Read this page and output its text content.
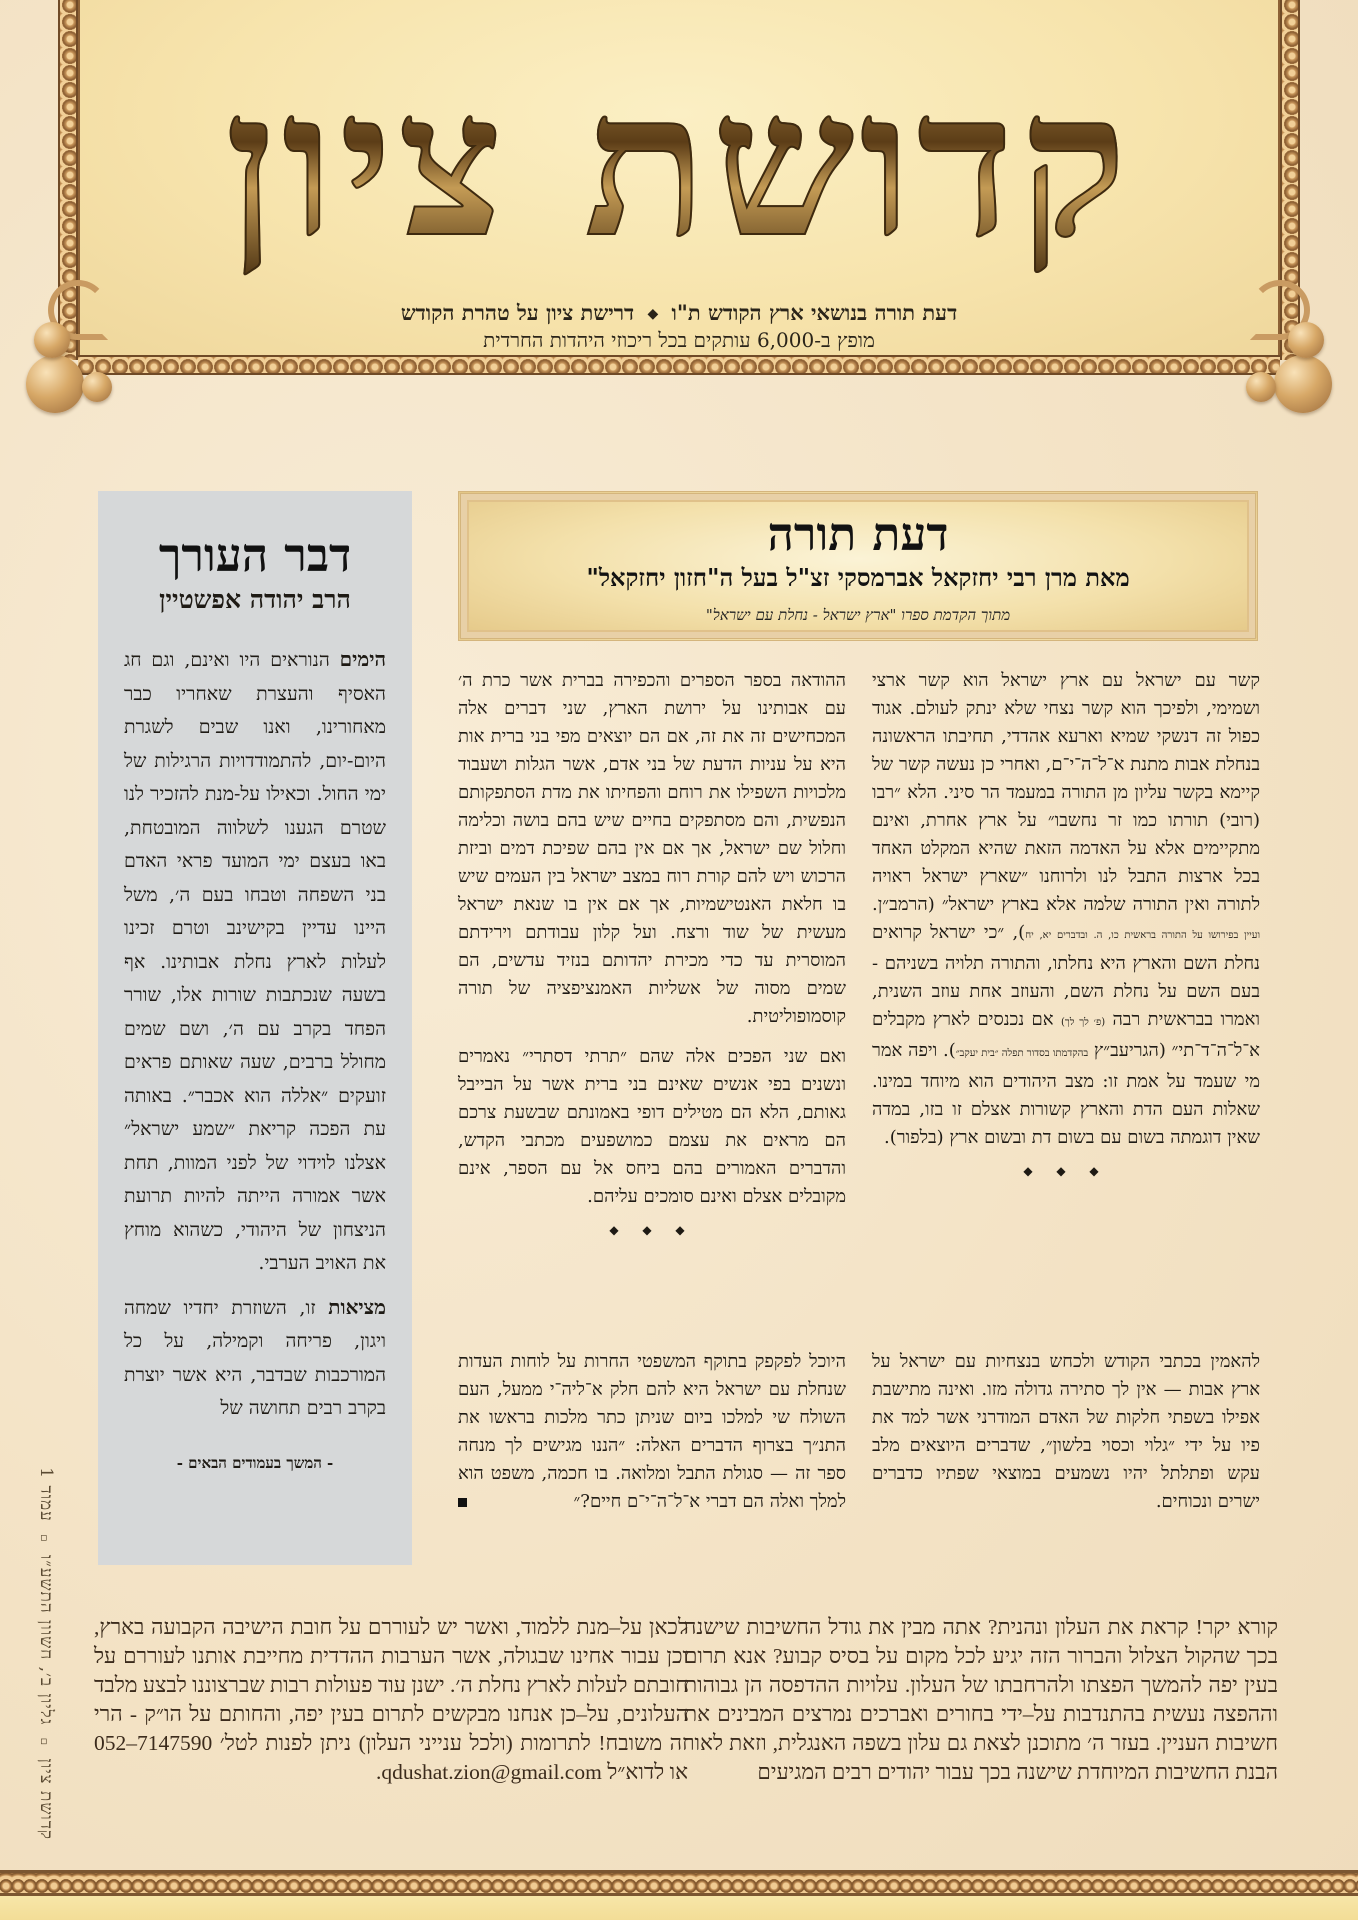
קדושת ציון
דעת תורה בנושאי ארץ הקודש ת"ו ◆ דרישת ציון על טהרת הקודש
מופץ ב-6,000 עותקים בכל ריכוזי היהדות החרדית
דבר העורך
הרב יהודה אפשטיין

הימים הנוראים היו ואינם, וגם חג האסיף והעצרת שאחריו כבר מאחורינו, ואנו שבים לשגרת היום-יום, להתמודדויות הרגילות של ימי החול. וכאילו על-מנת להזכיר לנו שטרם הגענו לשלווה המובטחת, באו בעצם ימי המועד פראי האדם בני השפחה וטבחו בעם ה׳, משל היינו עדיין בקישינב וטרם זכינו לעלות לארץ נחלת אבותינו. אף בשעה שנכתבות שורות אלו, שורר הפחד בקרב עם ה׳, ושם שמים מחולל ברבים, שעה שאותם פראים זועקים ״אללה הוא אכבר״. באותה עת הפכה קריאת ״שמע ישראל״ אצלנו לוידוי של לפני המוות, תחת אשר אמורה הייתה להיות תרועת הניצחון של היהודי, כשהוא מוחץ את האויב הערבי.

מציאות זו, השוזרת יחדיו שמחה ויגון, פריחה וקמילה, על כל המורכבות שבדבר, היא אשר יוצרת בקרב רבים תחושה של

- המשך בעמודים הבאים -
דעת תורה
מאת מרן רבי יחזקאל אברמסקי זצ"ל בעל ה"חזון יחזקאל"
מתוך הקדמת ספרו "ארץ ישראל - נחלת עם ישראל"

קשר עם ישראל עם ארץ ישראל הוא קשר ארצי ושמימי, ולפיכך הוא קשר נצחי שלא ינתק לעולם. אגוד כפול זה דנשקי שמיא וארעא אהדדי, תחיבתו הראשונה בנחלת אבות מתנת א־ל־ה־י־ם, ואחרי כן נעשה קשר של קיימא בקשר עליון מן התורה במעמד הר סיני. הלא ״רבו (רובי) תורתו כמו זר נחשבו״ על ארץ אחרת, ואינם מתקיימים אלא על האדמה הזאת שהיא המקלט האחד בכל ארצות התבל לנו ולרוחנו ״שארץ ישראל ראויה לתורה ואין התורה שלמה אלא בארץ ישראל״ (הרמב״ן. ועיין בפירושו על התורה בראשית כו, ה. ובדברים יא, יח), ״כי ישראל קרואים נחלת השם והארץ היא נחלתו, והתורה תלויה בשניהם - בעם השם על נחלת השם, והעוזב אחת עוזב השנית, ואמרו בבראשית רבה (פ׳ לך לך) אם נכנסים לארץ מקבלים א־ל־ה־ד־תי״ (הגריעב״ץ בהקדמתו בסדור תפלה ״בית יעקב״). ויפה אמר מי שעמד על אמת זו: מצב היהודים הוא מיוחד במינו. שאלות העם הדת והארץ קשורות אצלם זו בזו, במדה שאין דוגמתה בשום עם בשום דת ובשום ארץ (בלפור).

◆ ◆ ◆

ההודאה בספר הספרים והכפירה בברית אשר כרת ה׳ עם אבותינו על ירושת הארץ, שני דברים אלה המכחישים זה את זה, אם הם יוצאים מפי בני ברית אות היא על עניות הדעת של בני אדם, אשר הגלות ושעבוד מלכויות השפילו את רוחם והפחיתו את מדת הסתפקותם הנפשית, והם מסתפקים בחיים שיש בהם בושה וכלימה וחלול שם ישראל, אך אם אין בהם שפיכת דמים וביזת הרכוש ויש להם קורת רוח במצב ישראל בין העמים שיש בו חלאת האנטישמיות, אך אם אין בו שנאת ישראל מעשית של שוד ורצח. ועל קלון עבודתם וירידתם המוסרית עד כדי מכירת יהדותם בנזיד עדשים, הם שמים מסוה של אשליות האמנציפציה של תורה קוסמופוליטית.

ואם שני הפכים אלה שהם ״תרתי דסתרי״ נאמרים ונשנים בפי אנשים שאינם בני ברית אשר על הבייבל גאותם, הלא הם מטילים דופי באמונתם שבשעת צרכם הם מראים את עצמם כמושפעים מכתבי הקדש, והדברים האמורים בהם ביחס אל עם הספר, אינם מקובלים אצלם ואינם סומכים עליהם.

◆ ◆ ◆

להאמין בכתבי הקודש ולכחש בנצחיות עם ישראל על ארץ אבות — אין לך סתירה גדולה מזו. ואינה מתישבת אפילו בשפתי חלקות של האדם המודרני אשר למד את פיו על ידי ״גלוי וכסוי בלשון״, שדברים היוצאים מלב עקש ופתלתל יהיו נשמעים במוצאי שפתיו כדברים ישרים ונכוחים.

היוכל לפקפק בתוקף המשפטי החרות על לוחות העדות שנחלת עם ישראל היא להם חלק א־ליה־י ממעל, העם השולח שי למלכו ביום שניתן כתר מלכות בראשו את התנ״ך בצרוף הדברים האלה: ״הננו מגישים לך מנחה ספר זה — סגולת התבל ומלואה. בו חכמה, משפט הוא למלך ואלה הם דברי א־ל־ה־י־ם חיים?״

קורא יקר! קראת את העלון ונהנית? אתה מבין את גודל החשיבות שישנה בכך שהקול הצלול והברור הזה יגיע לכל מקום על בסיס קבוע? אנא תרום בעין יפה להמשך הפצתו ולהרחבתו של העלון. עלויות ההדפסה הן גבוהות וההפצה נעשית בהתנדבות על–ידי בחורים ואברכים נמרצים המבינים את חשיבות העניין. בעזר ה׳ מתוכנן לצאת גם עלון בשפה האנגלית, וזאת לאור הבנת החשיבות המיוחדת שישנה בכך עבור יהודים רבים המגיעים

לכאן על–מנת ללמוד, ואשר יש לעוררם על חובת הישיבה הקבועה בארץ, וכן עבור אחינו שבגולה, אשר הערבות ההדדית מחייבת אותנו לעוררם על חובתם לעלות לארץ נחלת ה׳. ישנן עוד פעולות רבות שברצוננו לבצע מלבד העלונים, על–כן אנחנו מבקשים לתרום בעין יפה, והחותם על הו״ק - הרי זה משובח! לתרומות (ולכל ענייני העלון) ניתן לפנות לטל׳ 052–7147590 או לדוא״ל qdushat.zion@gmail.com.

קדושת ציון ▫ גליון ב׳, חשוון התשע״ו ▫ עמוד 1
